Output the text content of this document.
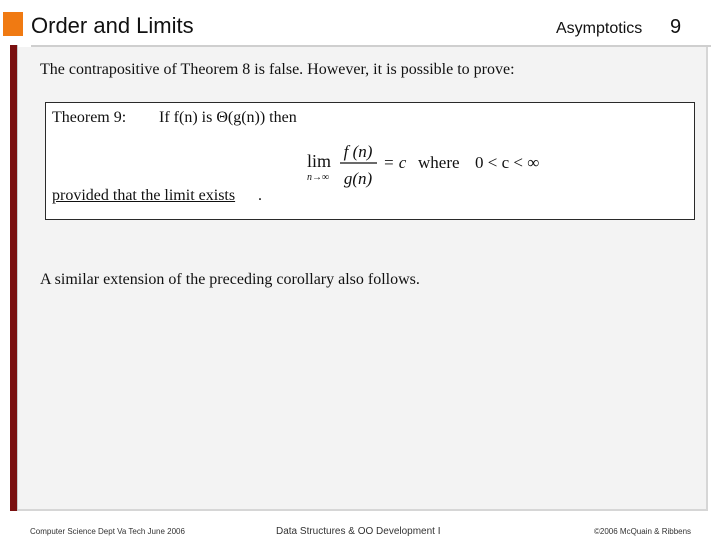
Order and Limits	Asymptotics 9
The contrapositive of Theorem 8 is false. However, it is possible to prove:
Theorem 9: If f(n) is Θ(g(n)) then
lim
n→∞
f (n)
g(n)
= c where 0 < c < ∞
provided that the limit exists .
A similar extension of the preceding corollary also follows.
Computer Science Dept Va Tech June 2006	Data Structures & OO Development I	©2006 McQuain & Ribbens
